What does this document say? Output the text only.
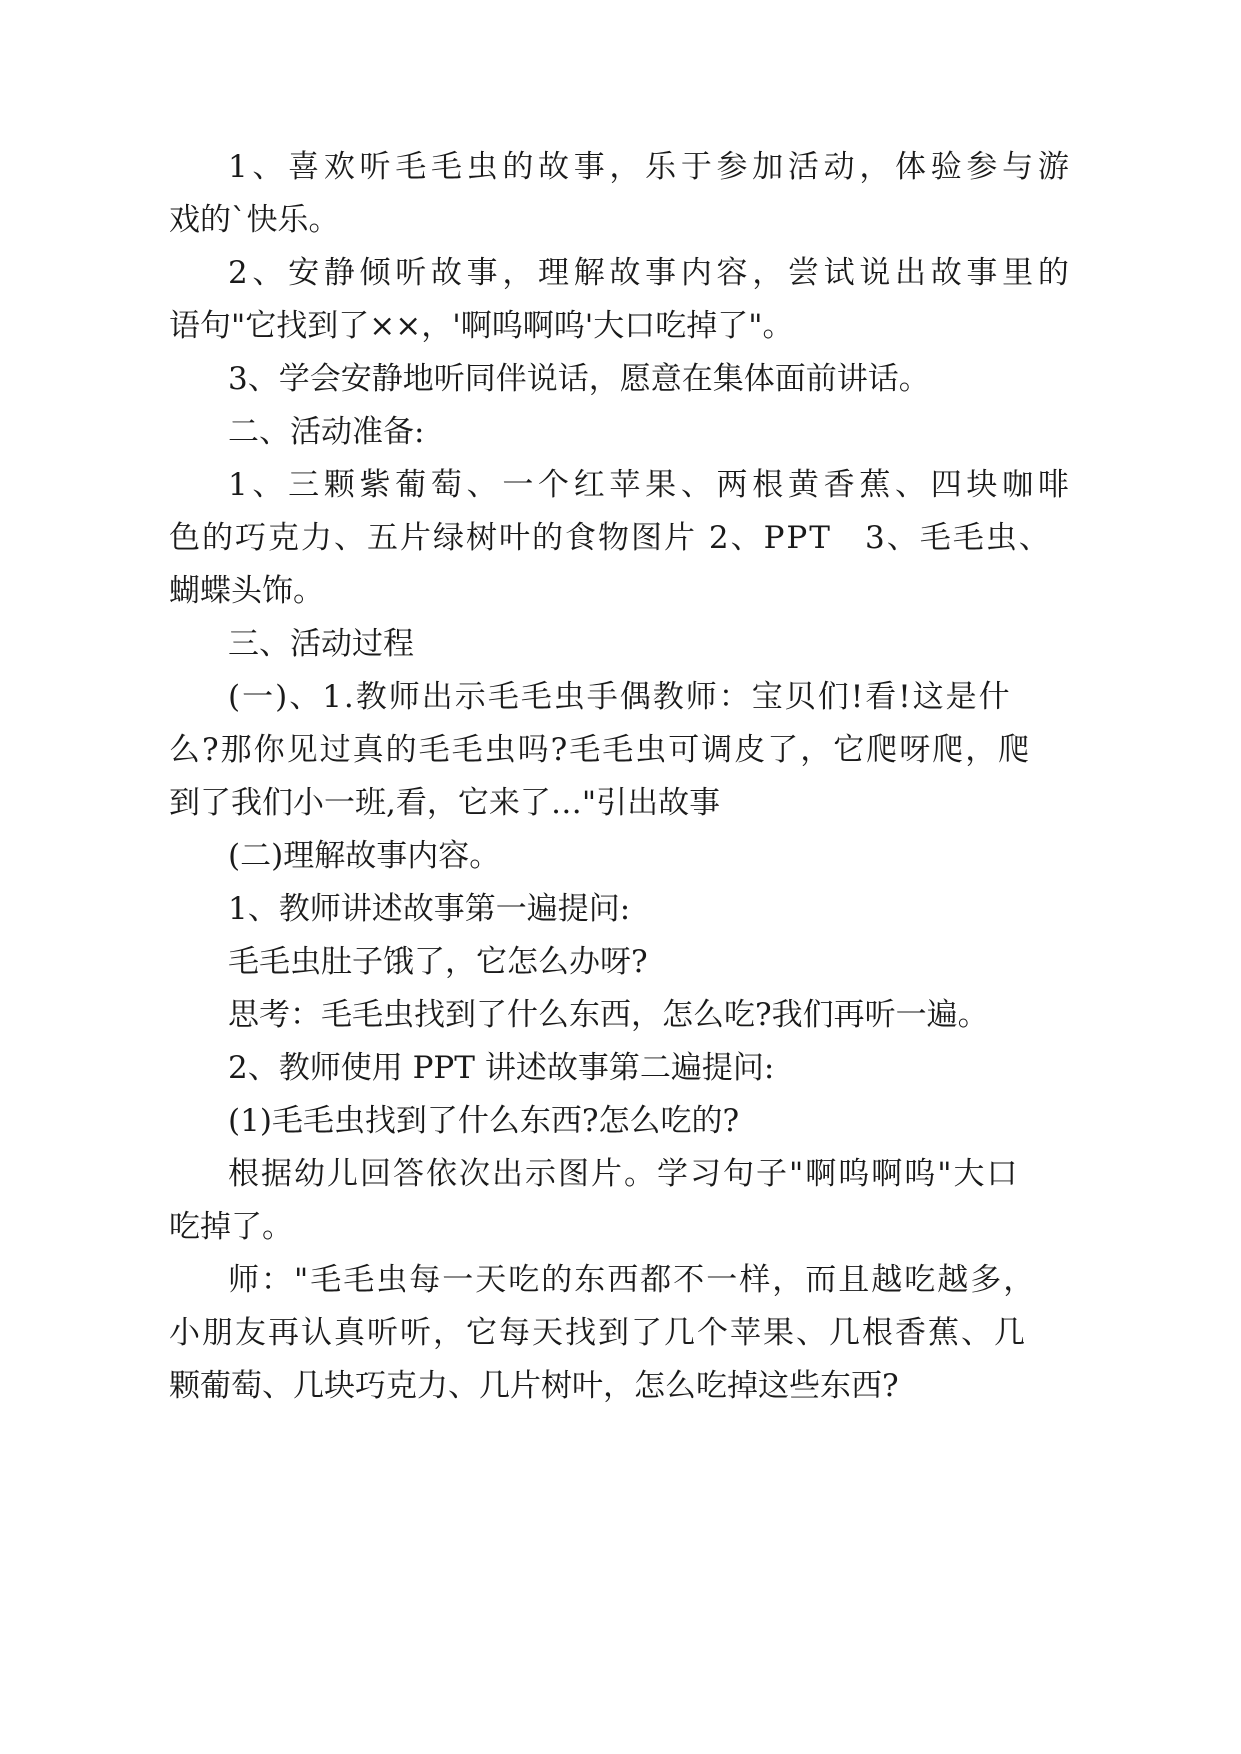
1、喜欢听毛毛虫的故事，乐于参加活动，体验参与游
戏的`快乐。
2、安静倾听故事，理解故事内容，尝试说出故事里的
语句"它找到了××，'啊呜啊呜'大口吃掉了"。
3、学会安静地听同伴说话，愿意在集体面前讲话。
二、活动准备:
1、三颗紫葡萄、一个红苹果、两根黄香蕉、四块咖啡
色的巧克力、五片绿树叶的食物图片 2、PPT　3、毛毛虫、
蝴蝶头饰。
三、活动过程
(一)、1.教师出示毛毛虫手偶教师：宝贝们!看!这是什
么?那你见过真的毛毛虫吗?毛毛虫可调皮了，它爬呀爬，爬
到了我们小一班,看，它来了…"引出故事
(二)理解故事内容。
1、教师讲述故事第一遍提问:
毛毛虫肚子饿了，它怎么办呀?
思考：毛毛虫找到了什么东西，怎么吃?我们再听一遍。
2、教师使用 PPT 讲述故事第二遍提问:
(1)毛毛虫找到了什么东西?怎么吃的?
根据幼儿回答依次出示图片。学习句子"啊呜啊呜"大口
吃掉了。
师："毛毛虫每一天吃的东西都不一样，而且越吃越多，
小朋友再认真听听，它每天找到了几个苹果、几根香蕉、几
颗葡萄、几块巧克力、几片树叶，怎么吃掉这些东西?
